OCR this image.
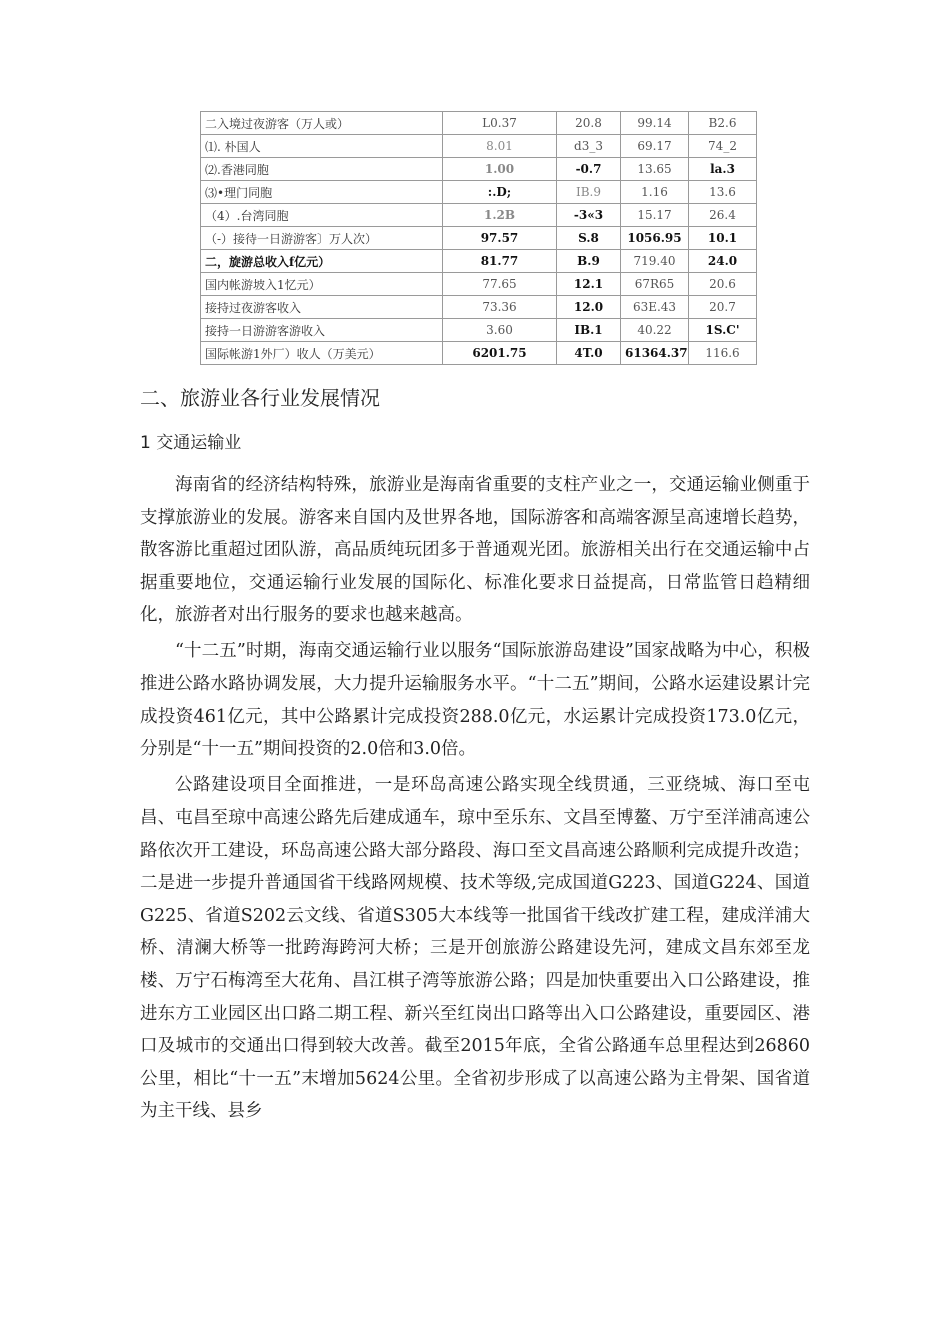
二入境过夜游客（万人或）	L0.37	20.8	99.14	B2.6
⑴. 朴国人	8.01	d3_3	69.17	74_2
⑵.香港同胞	1.00	-0.7	13.65	la.3
⑶•理门同胞	:.D;	IB.9	1.16	13.6
（4）.台湾同胞	1.2B	-3«3	15.17	26.4
（-）接待一日游游客〕万人次）	97.57	S.8	1056.95	10.1
二，旋游总收入f亿元）	81.77	B.9	719.40	24.0
国内帐游坡入1忆元）	77.65	12.1	67R65	20.6
接持过夜游客收入	73.36	12.0	63E.43	20.7
接持一日游游客游收入	3.60	IB.1	40.22	1S.C'
国际帐游1外厂）收人（万美元）	6201.75	4T.0	61364.37	116.6
二、旅游业各行业发展情况
1 交通运输业

海南省的经济结构特殊，旅游业是海南省重要的支柱产业之一，交通运输业侧重于支撑旅游业的发展。游客来自国内及世界各地，国际游客和高端客源呈高速增长趋势，散客游比重超过团队游，高品质纯玩团多于普通观光团。旅游相关出行在交通运输中占据重要地位，交通运输行业发展的国际化、标准化要求日益提高，日常监管日趋精细化，旅游者对出行服务的要求也越来越高。

“十二五”时期，海南交通运输行业以服务“国际旅游岛建设”国家战略为中心，积极推进公路水路协调发展，大力提升运输服务水平。“十二五”期间，公路水运建设累计完成投资461亿元，其中公路累计完成投资288.0亿元，水运累计完成投资173.0亿元，分别是“十一五”期间投资的2.0倍和3.0倍。

公路建设项目全面推进，一是环岛高速公路实现全线贯通，三亚绕城、海口至屯昌、屯昌至琼中高速公路先后建成通车，琼中至乐东、文昌至博鳌、万宁至洋浦高速公路依次开工建设，环岛高速公路大部分路段、海口至文昌高速公路顺利完成提升改造；二是进一步提升普通国省干线路网规模、技术等级,完成国道G223、国道G224、国道G225、省道S202云文线、省道S305大本线等一批国省干线改扩建工程，建成洋浦大桥、清澜大桥等一批跨海跨河大桥；三是开创旅游公路建设先河，建成文昌东郊至龙楼、万宁石梅湾至大花角、昌江棋子湾等旅游公路；四是加快重要出入口公路建设，推进东方工业园区出口路二期工程、新兴至红岗出口路等出入口公路建设，重要园区、港口及城市的交通出口得到较大改善。截至2015年底，全省公路通车总里程达到26860公里，相比“十一五”末增加5624公里。全省初步形成了以高速公路为主骨架、国省道为主干线、县乡
